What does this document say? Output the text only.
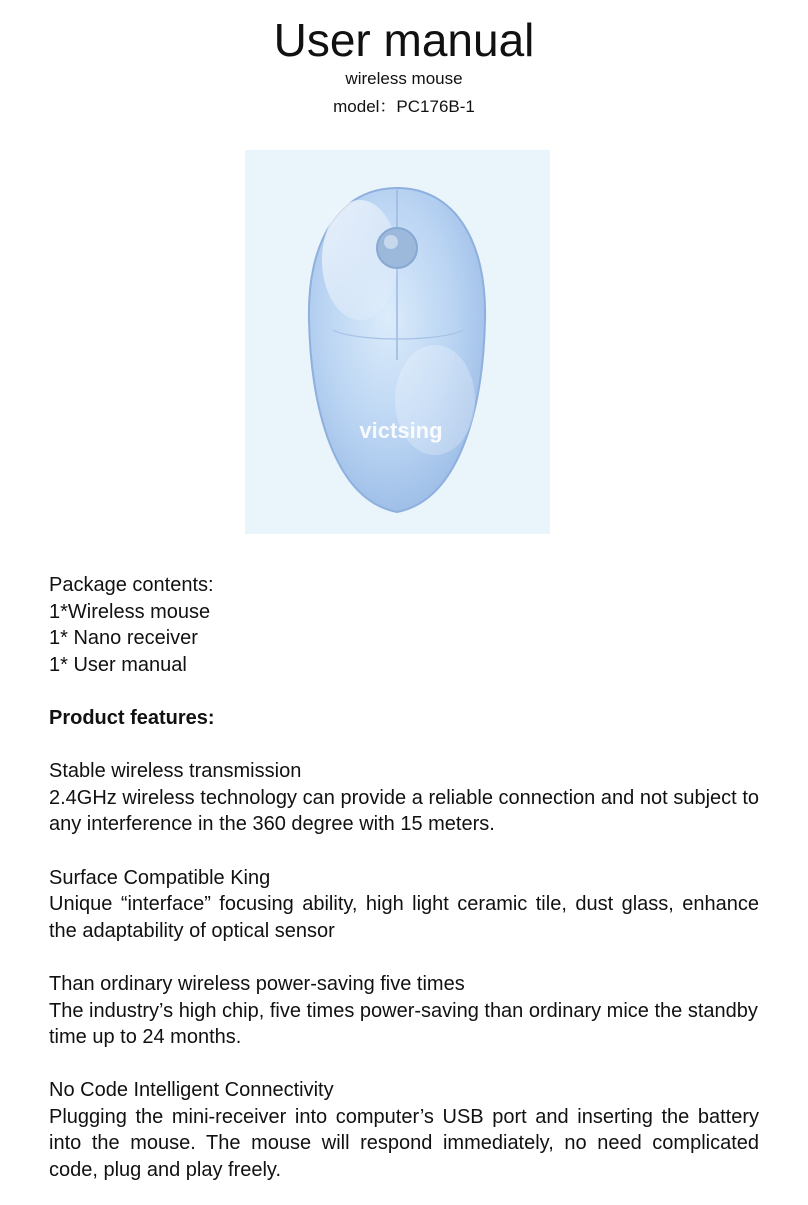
User manual
wireless mouse
model：PC176B-1
victsing

Package contents:

1*Wireless mouse

1* Nano receiver

1* User manual

Product features:

Stable wireless transmission

2.4GHz wireless technology can provide a reliable connection and not subject to any interference in the 360 degree with 15 meters.

Surface Compatible King

Unique “interface” focusing ability, high light ceramic tile, dust glass, enhance the adaptability of optical sensor

Than ordinary wireless power-saving five times

The industry’s high chip, five times power-saving than ordinary mice the standby time up to 24 months.

No Code Intelligent Connectivity

Plugging the mini-receiver into computer’s USB port and inserting the battery into the mouse. The mouse will respond immediately, no need complicated code, plug and play freely.
